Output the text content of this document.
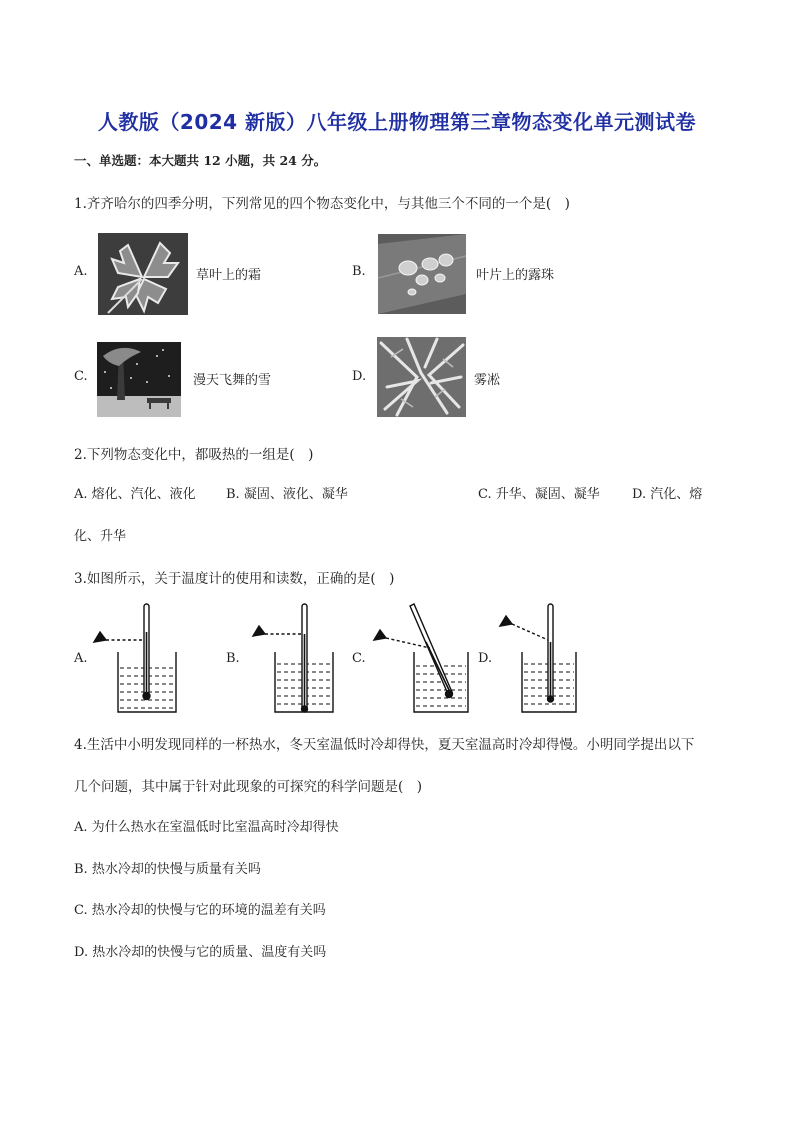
人教版（2024 新版）八年级上册物理第三章物态变化单元测试卷
一、单选题：本大题共 12 小题，共 24 分。
1.齐齐哈尔的四季分明，下列常见的四个物态变化中，与其他三个不同的一个是(　)
A.	草叶上的霜	B.	叶片上的露珠
C.	漫天飞舞的雪	D.	雾凇
2.下列物态变化中，都吸热的一组是(　)
A. 熔化、汽化、液化 B. 凝固、液化、凝华	C. 升华、凝固、凝华 D. 汽化、熔
化、升华
3.如图所示，关于温度计的使用和读数，正确的是(　)
A.	B.	C.	D.
4.生活中小明发现同样的一杯热水，冬天室温低时冷却得快，夏天室温高时冷却得慢。小明同学提出以下
几个问题，其中属于针对此现象的可探究的科学问题是(　)
A. 为什么热水在室温低时比室温高时冷却得快
B. 热水冷却的快慢与质量有关吗
C. 热水冷却的快慢与它的环境的温差有关吗
D. 热水冷却的快慢与它的质量、温度有关吗
